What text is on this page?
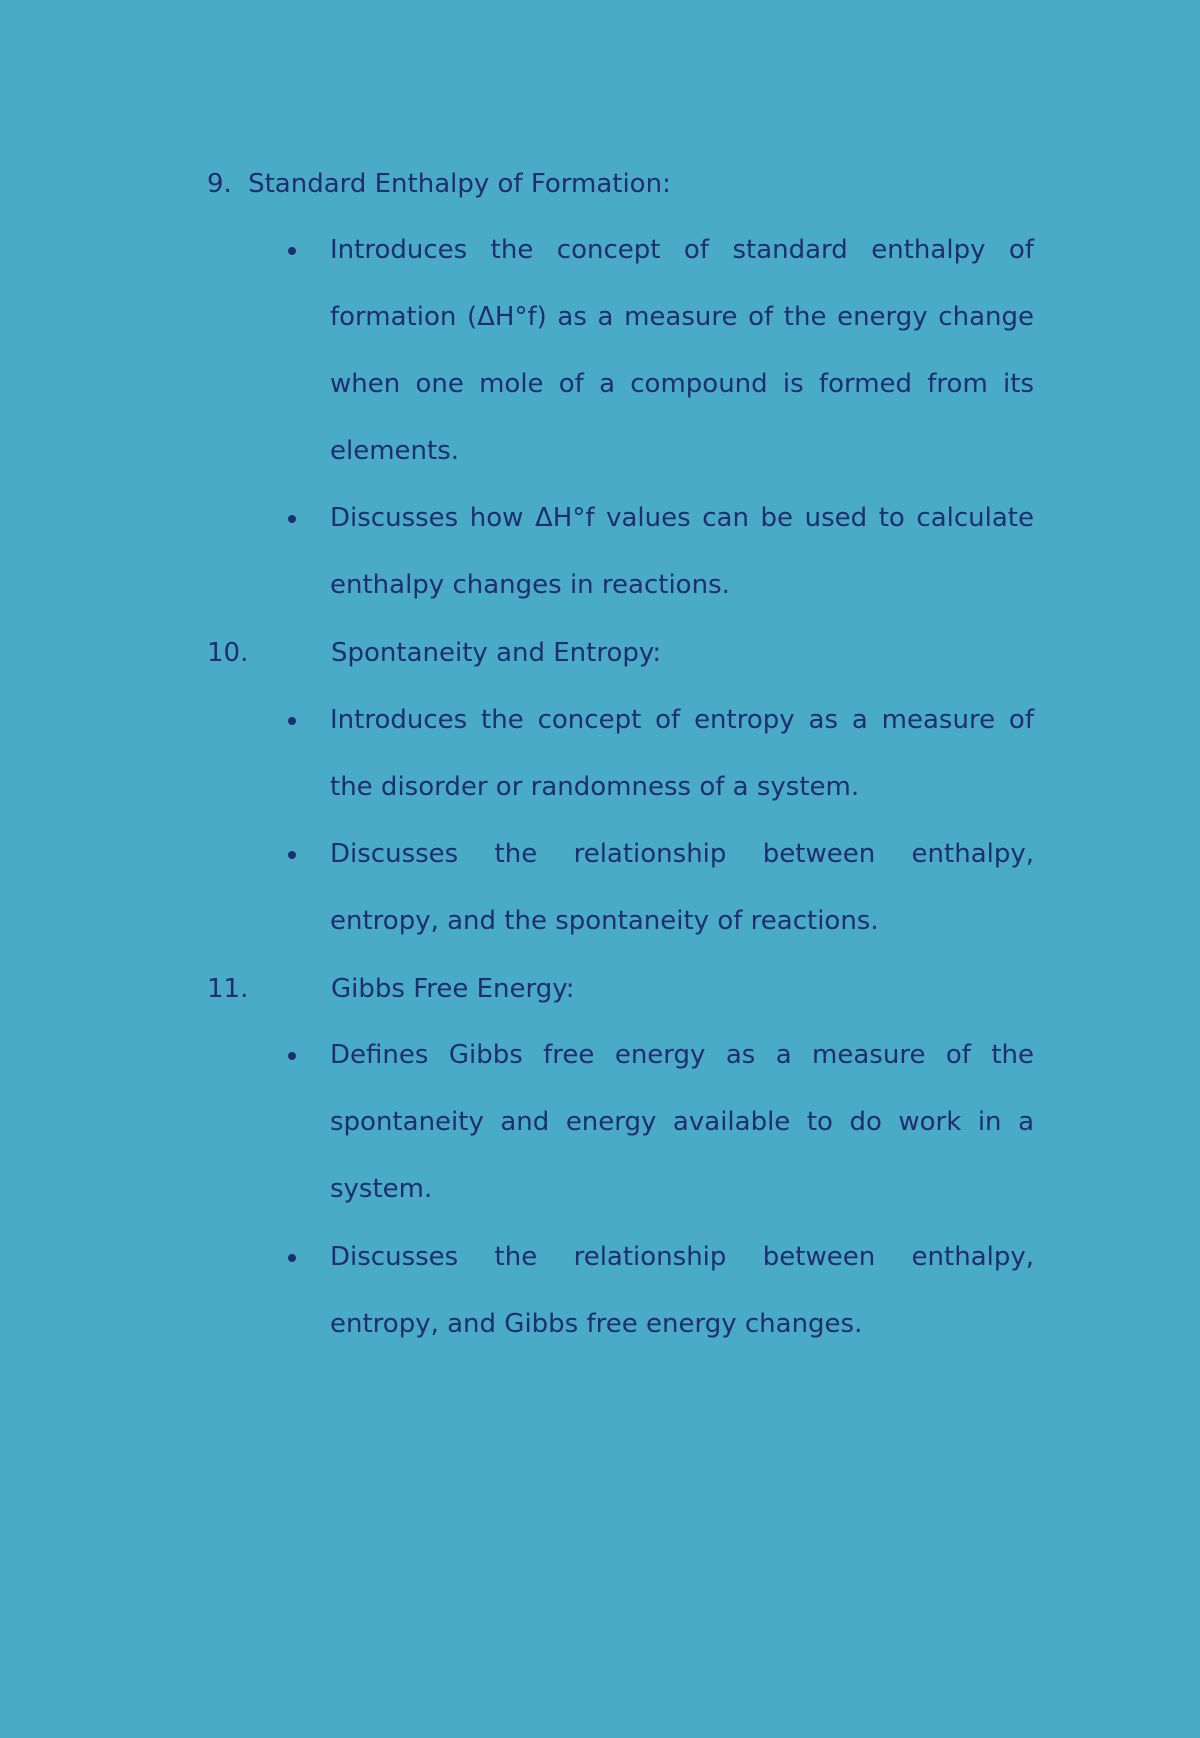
9. Standard Enthalpy of Formation:
Introduces the concept of standard enthalpy of formation (ΔH°f) as a measure of the energy change when one mole of a compound is formed from its elements.
Discusses how ΔH°f values can be used to calculate enthalpy changes in reactions.
10.	Spontaneity and Entropy:
Introduces the concept of entropy as a measure of the disorder or randomness of a system.
Discusses the relationship between enthalpy, entropy, and the spontaneity of reactions.
11.	Gibbs Free Energy:
Defines Gibbs free energy as a measure of the spontaneity and energy available to do work in a system.
Discusses the relationship between enthalpy, entropy, and Gibbs free energy changes.
